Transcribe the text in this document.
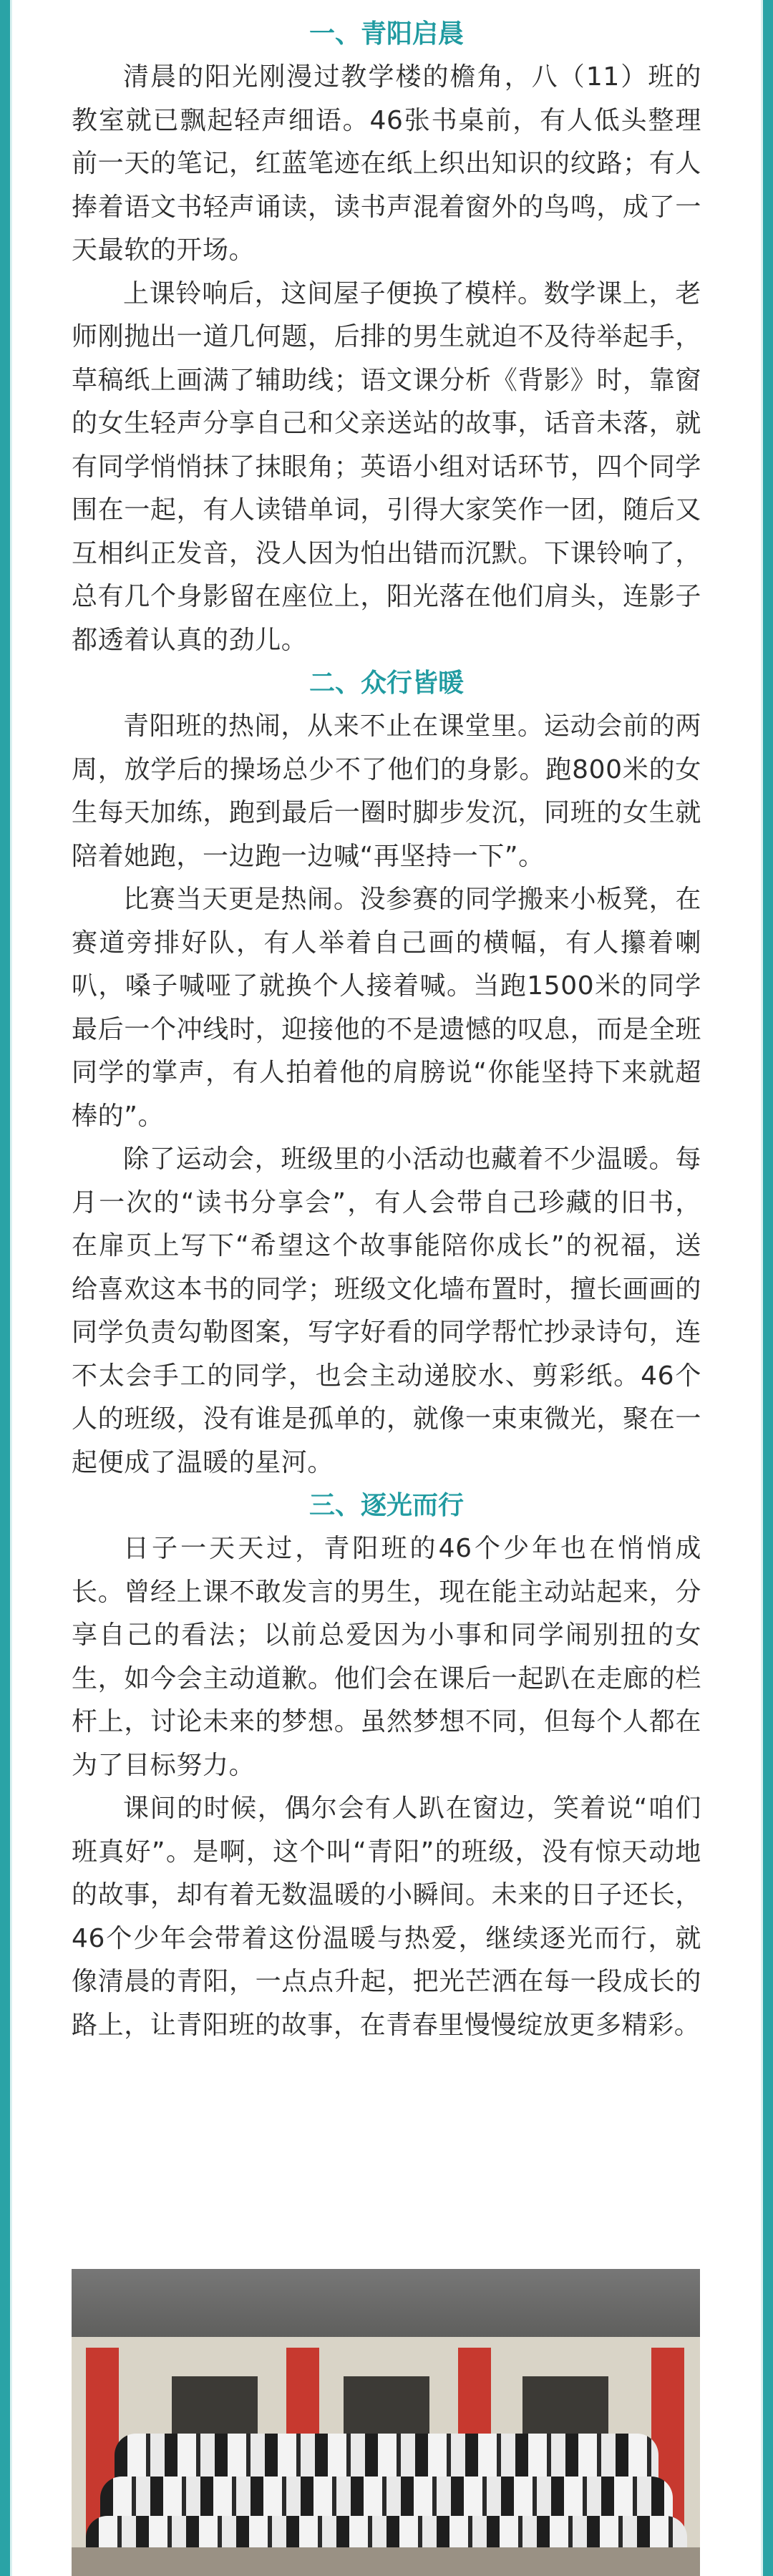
一、青阳启晨

清晨的阳光刚漫过教学楼的檐角，八（11）班的教室就已飘起轻声细语。46张书桌前，有人低头整理前一天的笔记，红蓝笔迹在纸上织出知识的纹路；有人捧着语文书轻声诵读，读书声混着窗外的鸟鸣，成了一天最软的开场。

上课铃响后，这间屋子便换了模样。数学课上，老师刚抛出一道几何题，后排的男生就迫不及待举起手，草稿纸上画满了辅助线；语文课分析《背影》时，靠窗的女生轻声分享自己和父亲送站的故事，话音未落，就有同学悄悄抹了抹眼角；英语小组对话环节，四个同学围在一起，有人读错单词，引得大家笑作一团，随后又互相纠正发音，没人因为怕出错而沉默。下课铃响了，总有几个身影留在座位上，阳光落在他们肩头，连影子都透着认真的劲儿。

二、众行皆暖

青阳班的热闹，从来不止在课堂里。运动会前的两周，放学后的操场总少不了他们的身影。跑800米的女生每天加练，跑到最后一圈时脚步发沉，同班的女生就陪着她跑，一边跑一边喊“再坚持一下”。

比赛当天更是热闹。没参赛的同学搬来小板凳，在赛道旁排好队，有人举着自己画的横幅，有人攥着喇叭，嗓子喊哑了就换个人接着喊。当跑1500米的同学最后一个冲线时，迎接他的不是遗憾的叹息，而是全班同学的掌声，有人拍着他的肩膀说“你能坚持下来就超棒的”。

除了运动会，班级里的小活动也藏着不少温暖。每月一次的“读书分享会”，有人会带自己珍藏的旧书，在扉页上写下“希望这个故事能陪你成长”的祝福，送给喜欢这本书的同学；班级文化墙布置时，擅长画画的同学负责勾勒图案，写字好看的同学帮忙抄录诗句，连不太会手工的同学，也会主动递胶水、剪彩纸。46个人的班级，没有谁是孤单的，就像一束束微光，聚在一起便成了温暖的星河。

三、逐光而行

日子一天天过，青阳班的46个少年也在悄悄成长。曾经上课不敢发言的男生，现在能主动站起来，分享自己的看法；以前总爱因为小事和同学闹别扭的女生，如今会主动道歉。他们会在课后一起趴在走廊的栏杆上，讨论未来的梦想。虽然梦想不同，但每个人都在为了目标努力。

课间的时候，偶尔会有人趴在窗边，笑着说“咱们班真好”。是啊，这个叫“青阳”的班级，没有惊天动地的故事，却有着无数温暖的小瞬间。未来的日子还长，46个少年会带着这份温暖与热爱，继续逐光而行，就像清晨的青阳，一点点升起，把光芒洒在每一段成长的路上，让青阳班的故事，在青春里慢慢绽放更多精彩。
